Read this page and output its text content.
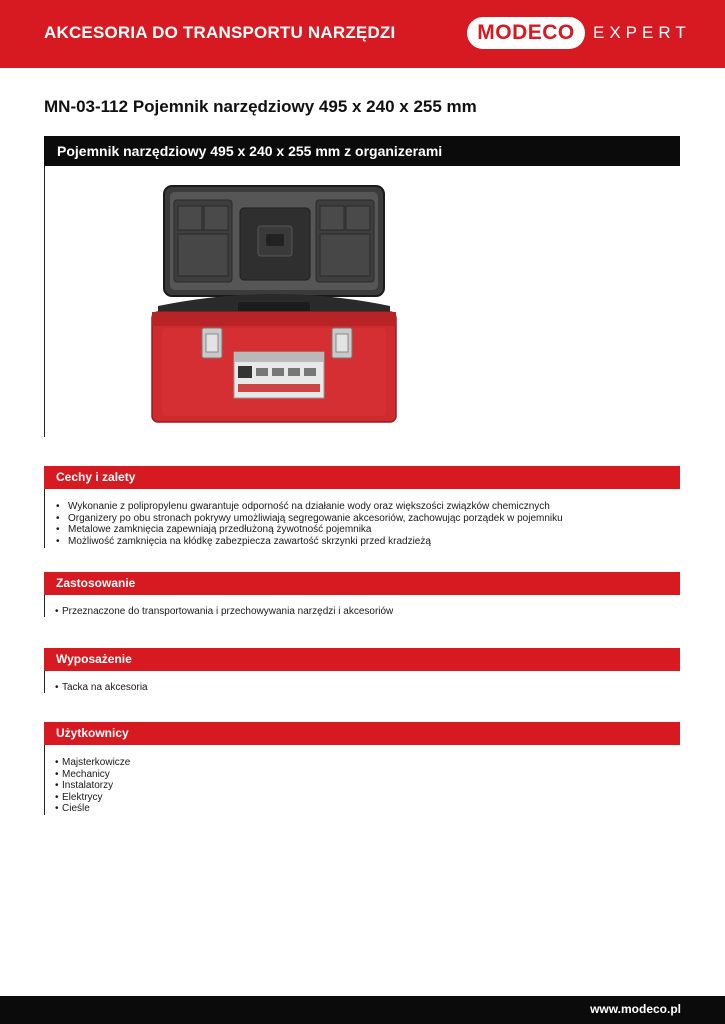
AKCESORIA DO TRANSPORTU NARZĘDZI	MODECO	EXPERT
MN-03-112 Pojemnik narzędziowy 495 x 240 x 255 mm
Pojemnik narzędziowy 495 x 240 x 255 mm z organizerami
Cechy i zalety
• Wykonanie z polipropylenu gwarantuje odporność na działanie wody oraz większości związków chemicznych
• Organizery po obu stronach pokrywy umożliwiają segregowanie akcesoriów, zachowując porządek w pojemniku
• Metalowe zamknięcia zapewniają przedłużoną żywotność pojemnika
• Możliwość zamknięcia na kłódkę zabezpiecza zawartość skrzynki przed kradzieżą
Zastosowanie
• Przeznaczone do transportowania i przechowywania narzędzi i akcesoriów
Wyposażenie
• Tacka na akcesoria
Użytkownicy
• Majsterkowicze
• Mechanicy
• Instalatorzy
• Elektrycy
• Cieśle
www.modeco.pl
